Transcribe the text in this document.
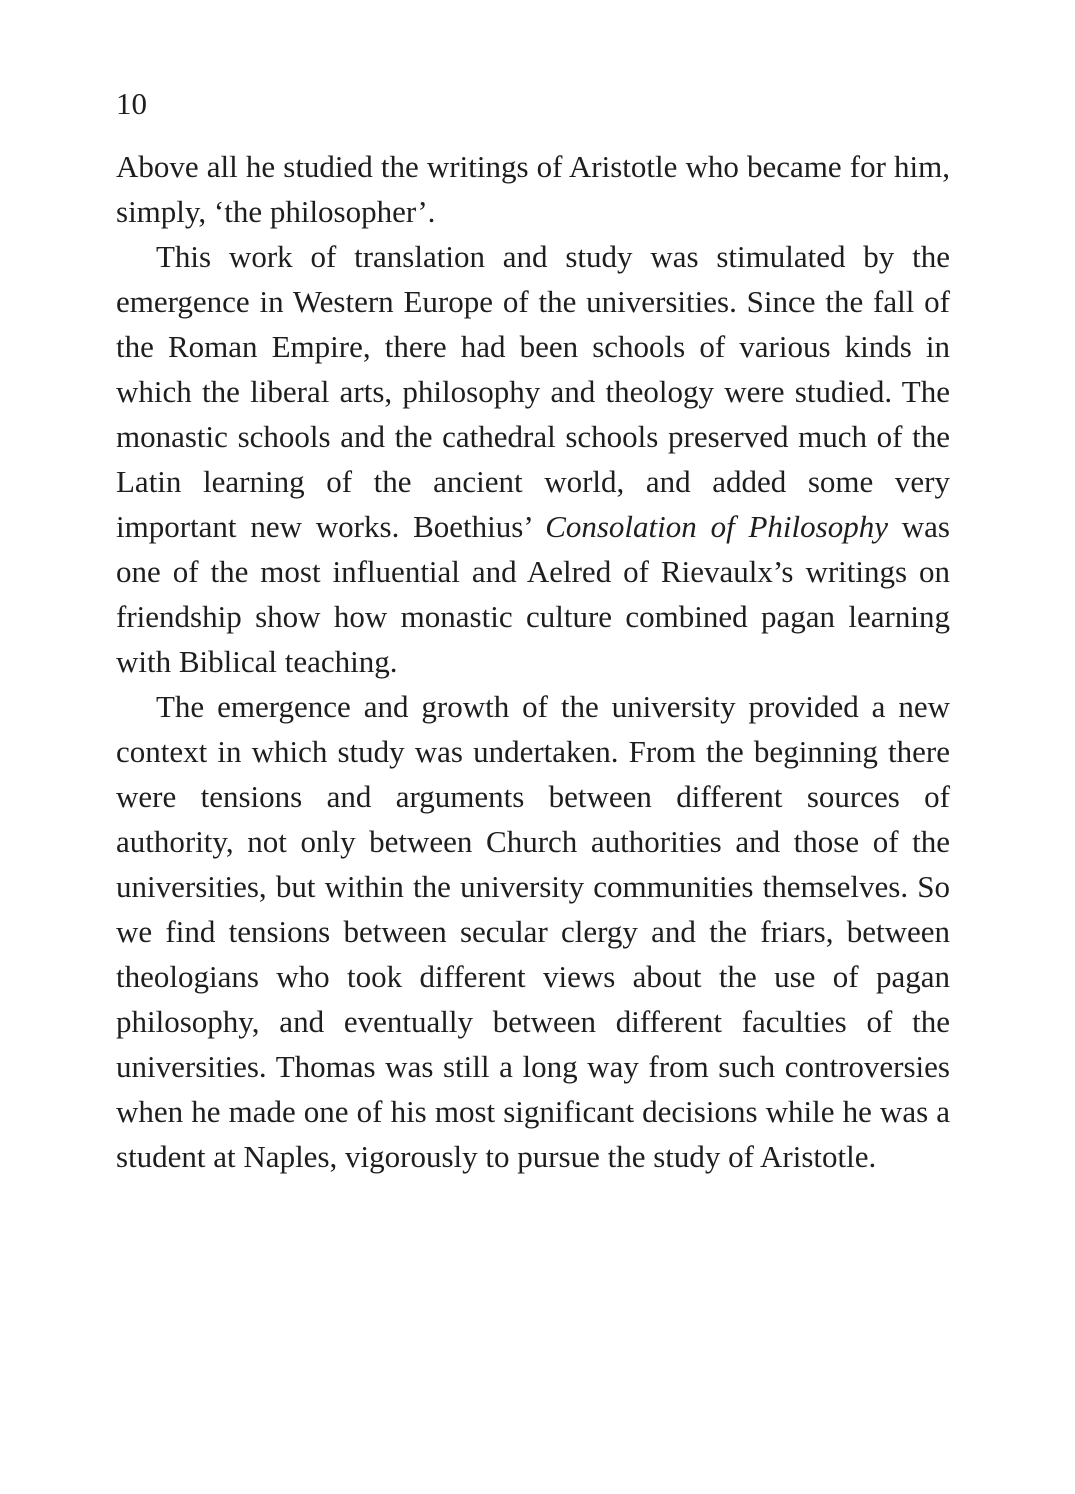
10

Above all he studied the writings of Aristotle who became for him, simply, ‘the philosopher’.

This work of translation and study was stimulated by the emergence in Western Europe of the universities. Since the fall of the Roman Empire, there had been schools of various kinds in which the liberal arts, philosophy and theology were studied. The monastic schools and the cathedral schools preserved much of the Latin learning of the ancient world, and added some very important new works. Boethius’ Consolation of Philosophy was one of the most influential and Aelred of Rievaulx’s writings on friendship show how monastic culture combined pagan learning with Biblical teaching.

The emergence and growth of the university provided a new context in which study was undertaken. From the beginning there were tensions and arguments between different sources of authority, not only between Church authorities and those of the universities, but within the university communities themselves. So we find tensions between secular clergy and the friars, between theologians who took different views about the use of pagan philosophy, and eventually between different faculties of the universities. Thomas was still a long way from such controversies when he made one of his most significant decisions while he was a student at Naples, vigorously to pursue the study of Aristotle.
